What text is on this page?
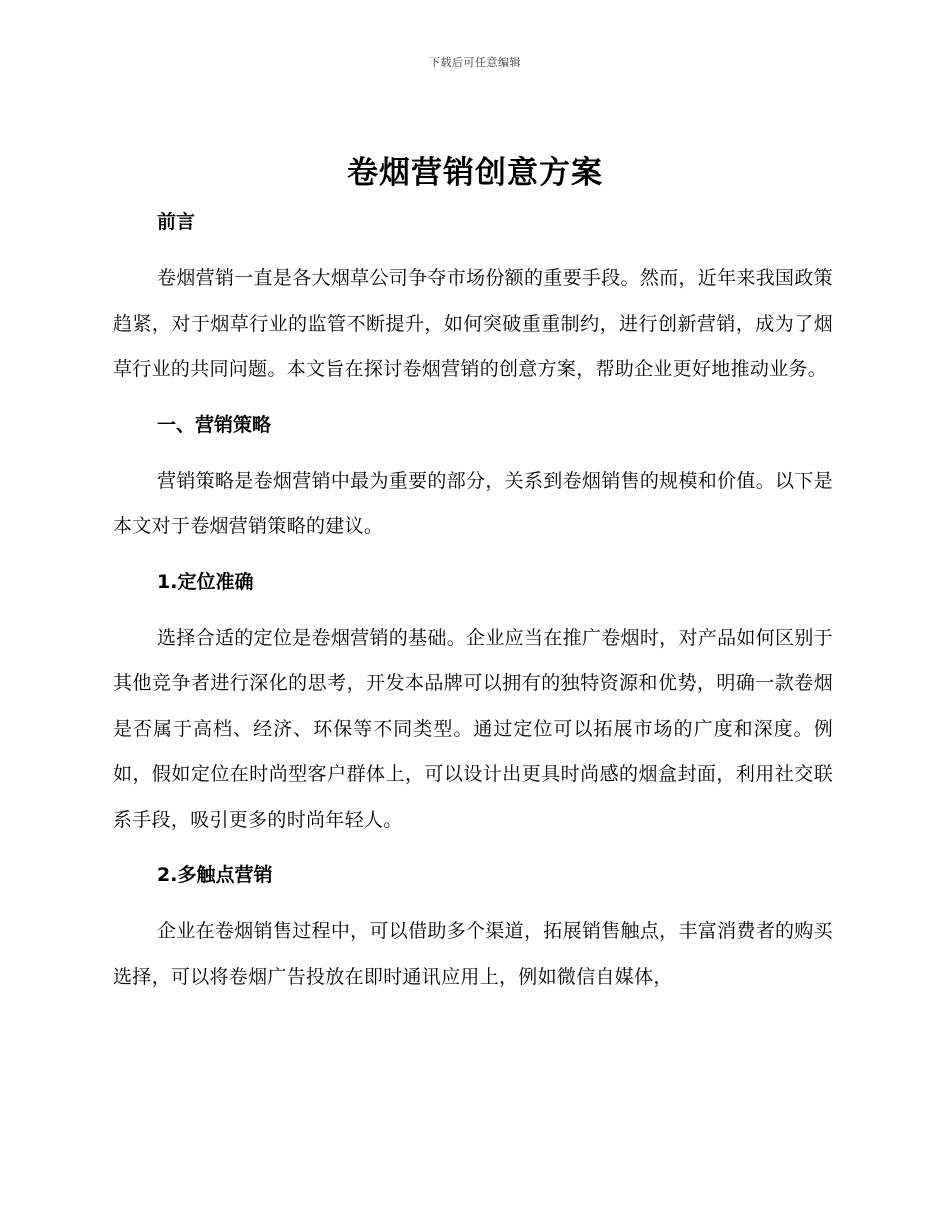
下载后可任意编辑
卷烟营销创意方案

前言

卷烟营销一直是各大烟草公司争夺市场份额的重要手段。然而，近年来我国政策趋紧，对于烟草行业的监管不断提升，如何突破重重制约，进行创新营销，成为了烟草行业的共同问题。本文旨在探讨卷烟营销的创意方案，帮助企业更好地推动业务。

一、营销策略

营销策略是卷烟营销中最为重要的部分，关系到卷烟销售的规模和价值。以下是本文对于卷烟营销策略的建议。

1.定位准确

选择合适的定位是卷烟营销的基础。企业应当在推广卷烟时，对产品如何区别于其他竞争者进行深化的思考，开发本品牌可以拥有的独特资源和优势，明确一款卷烟是否属于高档、经济、环保等不同类型。通过定位可以拓展市场的广度和深度。例如，假如定位在时尚型客户群体上，可以设计出更具时尚感的烟盒封面，利用社交联系手段，吸引更多的时尚年轻人。

2.多触点营销

企业在卷烟销售过程中，可以借助多个渠道，拓展销售触点，丰富消费者的购买选择，可以将卷烟广告投放在即时通讯应用上，例如微信自媒体，
